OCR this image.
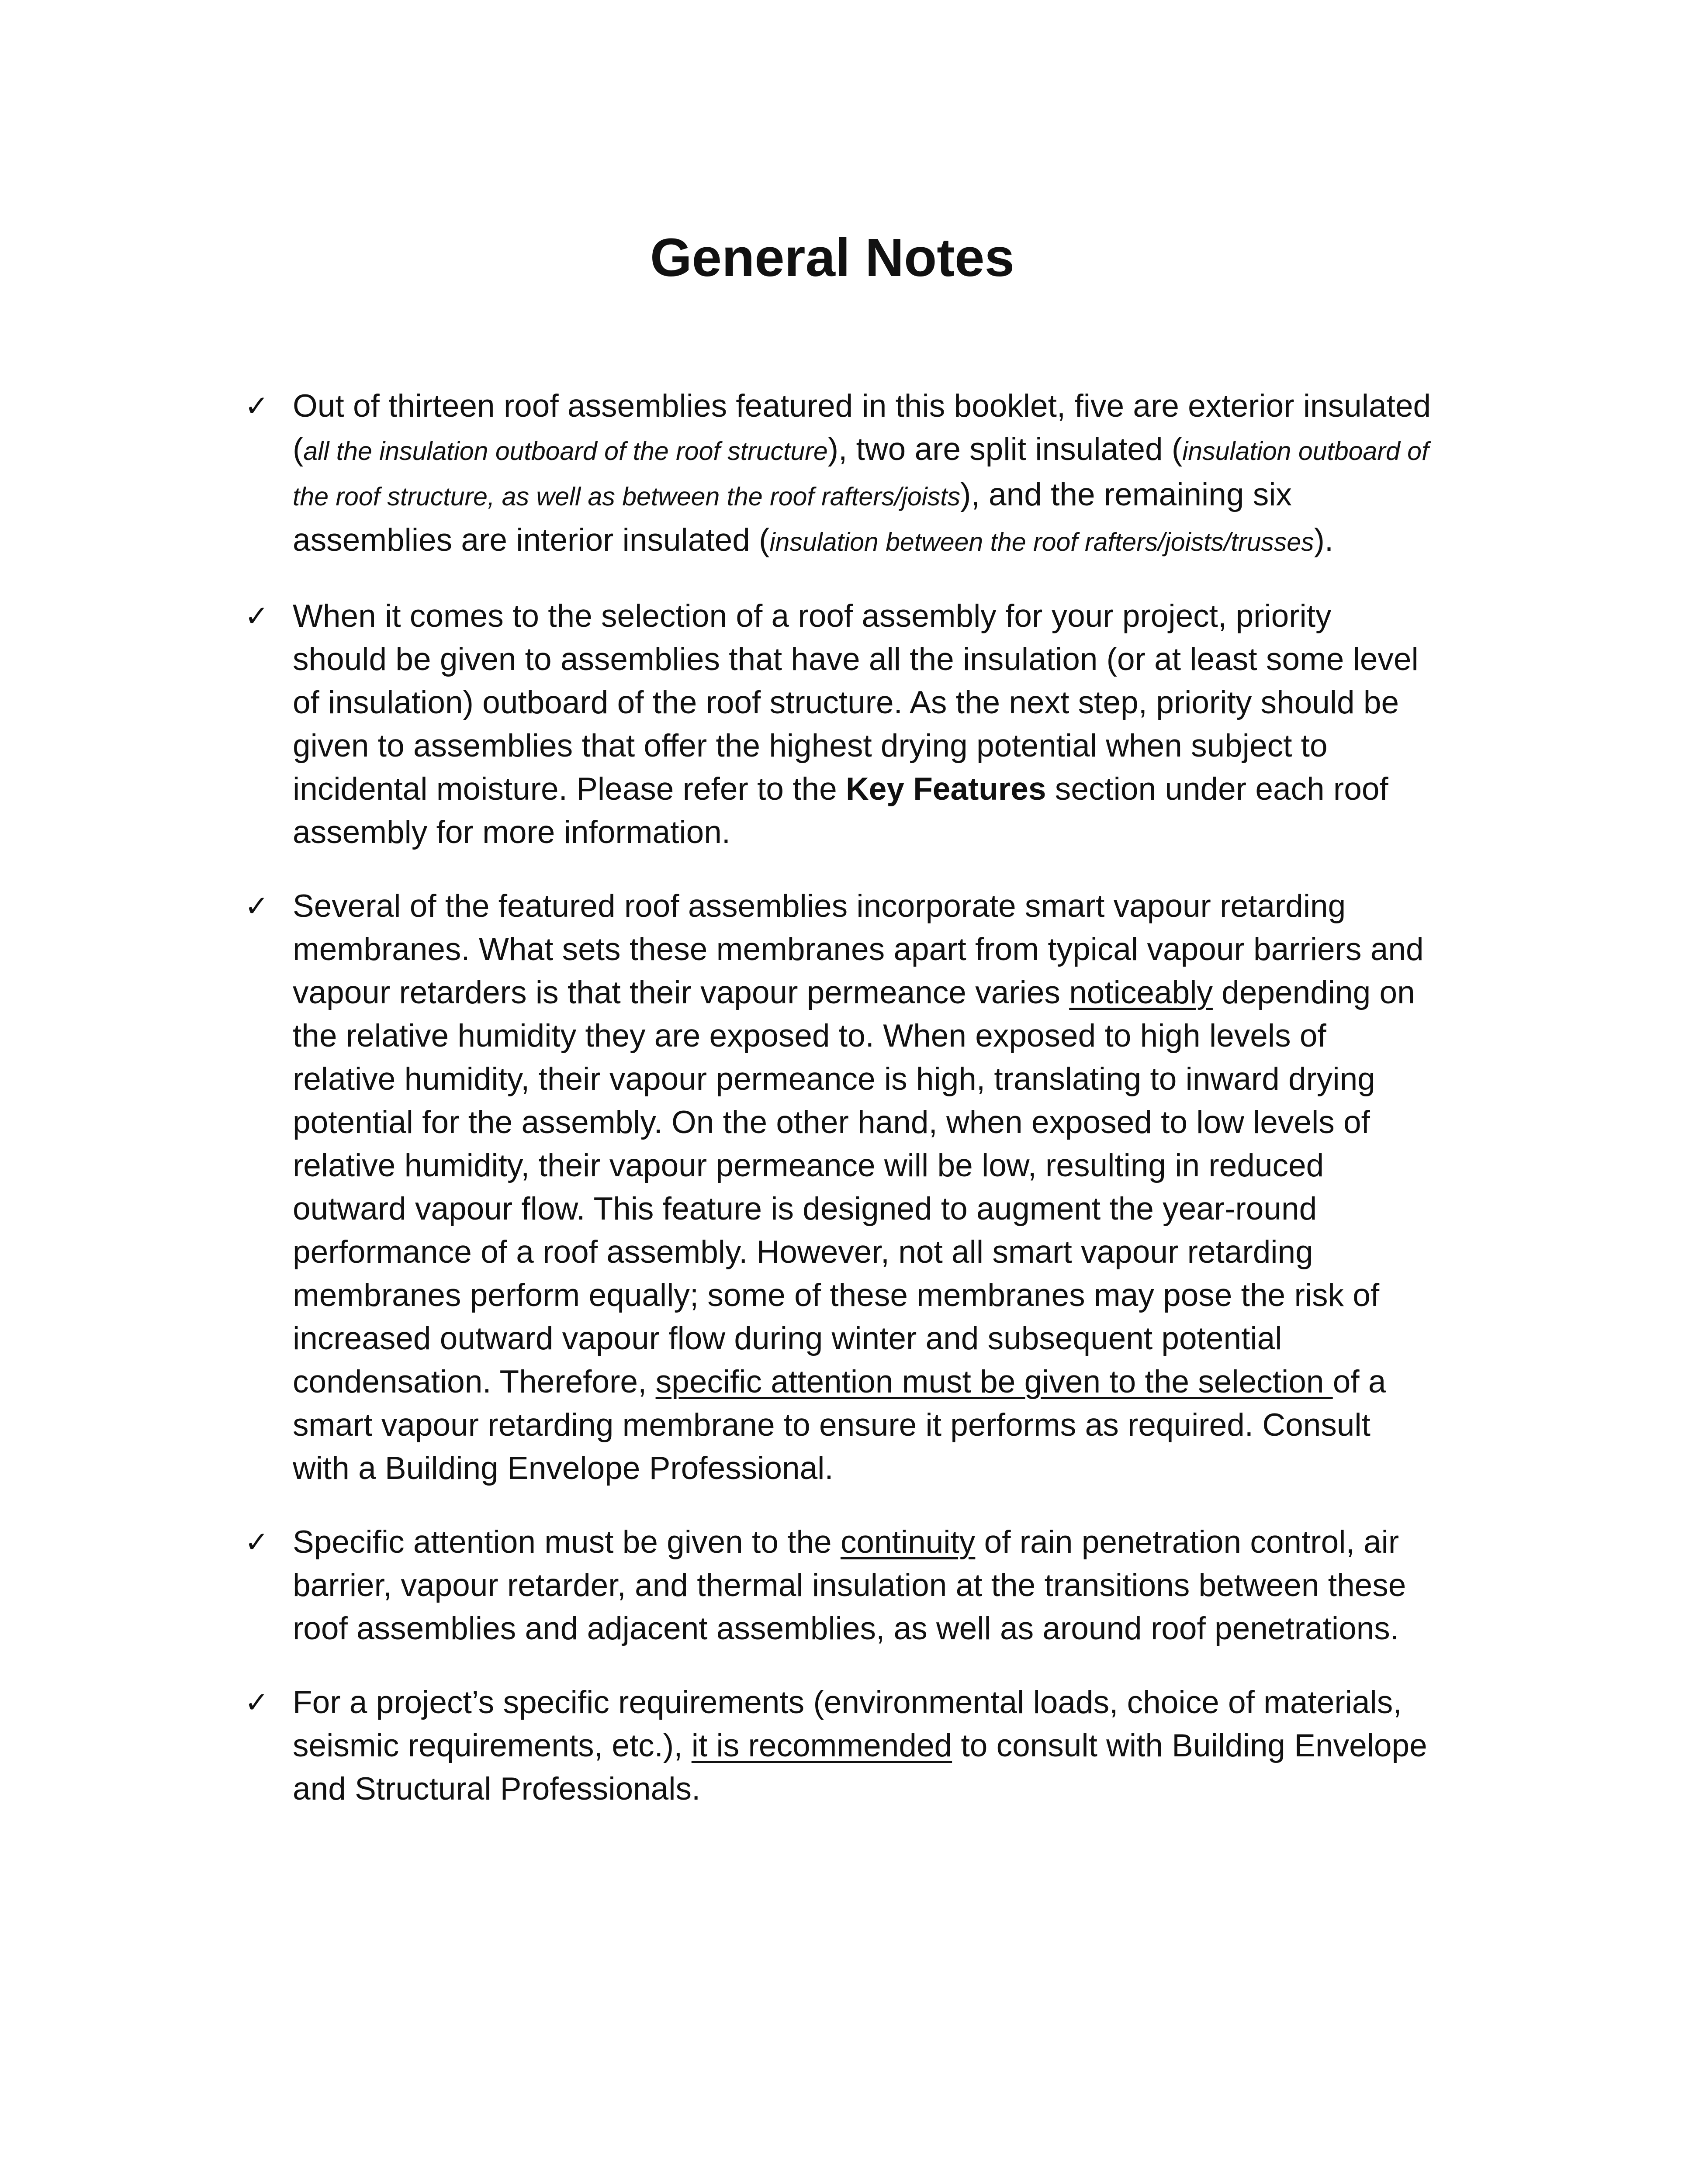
General Notes
✓ Out of thirteen roof assemblies featured in this booklet, five are exterior insulated (all the insulation outboard of the roof structure), two are split insulated (insulation outboard of the roof structure, as well as between the roof rafters/joists), and the remaining six assemblies are interior insulated (insulation between the roof rafters/joists/trusses).
✓ When it comes to the selection of a roof assembly for your project, priority should be given to assemblies that have all the insulation (or at least some level of insulation) outboard of the roof structure. As the next step, priority should be given to assemblies that offer the highest drying potential when subject to incidental moisture. Please refer to the Key Features section under each roof assembly for more information.
✓ Several of the featured roof assemblies incorporate smart vapour retarding membranes. What sets these membranes apart from typical vapour barriers and vapour retarders is that their vapour permeance varies noticeably depending on the relative humidity they are exposed to. When exposed to high levels of relative humidity, their vapour permeance is high, translating to inward drying potential for the assembly. On the other hand, when exposed to low levels of relative humidity, their vapour permeance will be low, resulting in reduced outward vapour flow. This feature is designed to augment the year-round performance of a roof assembly. However, not all smart vapour retarding membranes perform equally; some of these membranes may pose the risk of increased outward vapour flow during winter and subsequent potential condensation. Therefore, specific attention must be given to the selection of a smart vapour retarding membrane to ensure it performs as required. Consult with a Building Envelope Professional.
✓ Specific attention must be given to the continuity of rain penetration control, air barrier, vapour retarder, and thermal insulation at the transitions between these roof assemblies and adjacent assemblies, as well as around roof penetrations.
✓ For a project’s specific requirements (environmental loads, choice of materials, seismic requirements, etc.), it is recommended to consult with Building Envelope and Structural Professionals.
